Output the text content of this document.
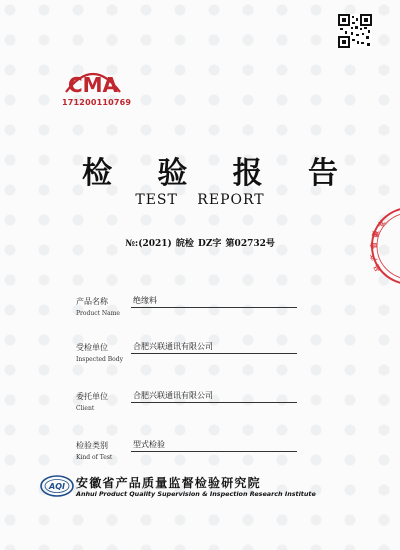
CMA
171200110769
检 验 报 告
TEST REPORT
№:(2021) 皖检 DZ字 第02732号
安
徽
省
产
品
产品名称
Product Name
绝缘料
受检单位
Inspected Body
合肥兴联通讯有限公司
委托单位
Client
合肥兴联通讯有限公司
检验类别
Kind of Test
型式检验
AQI 安徽省产品质量监督检验研究院
Anhui Product Quality Supervision & Inspection Research Institute
